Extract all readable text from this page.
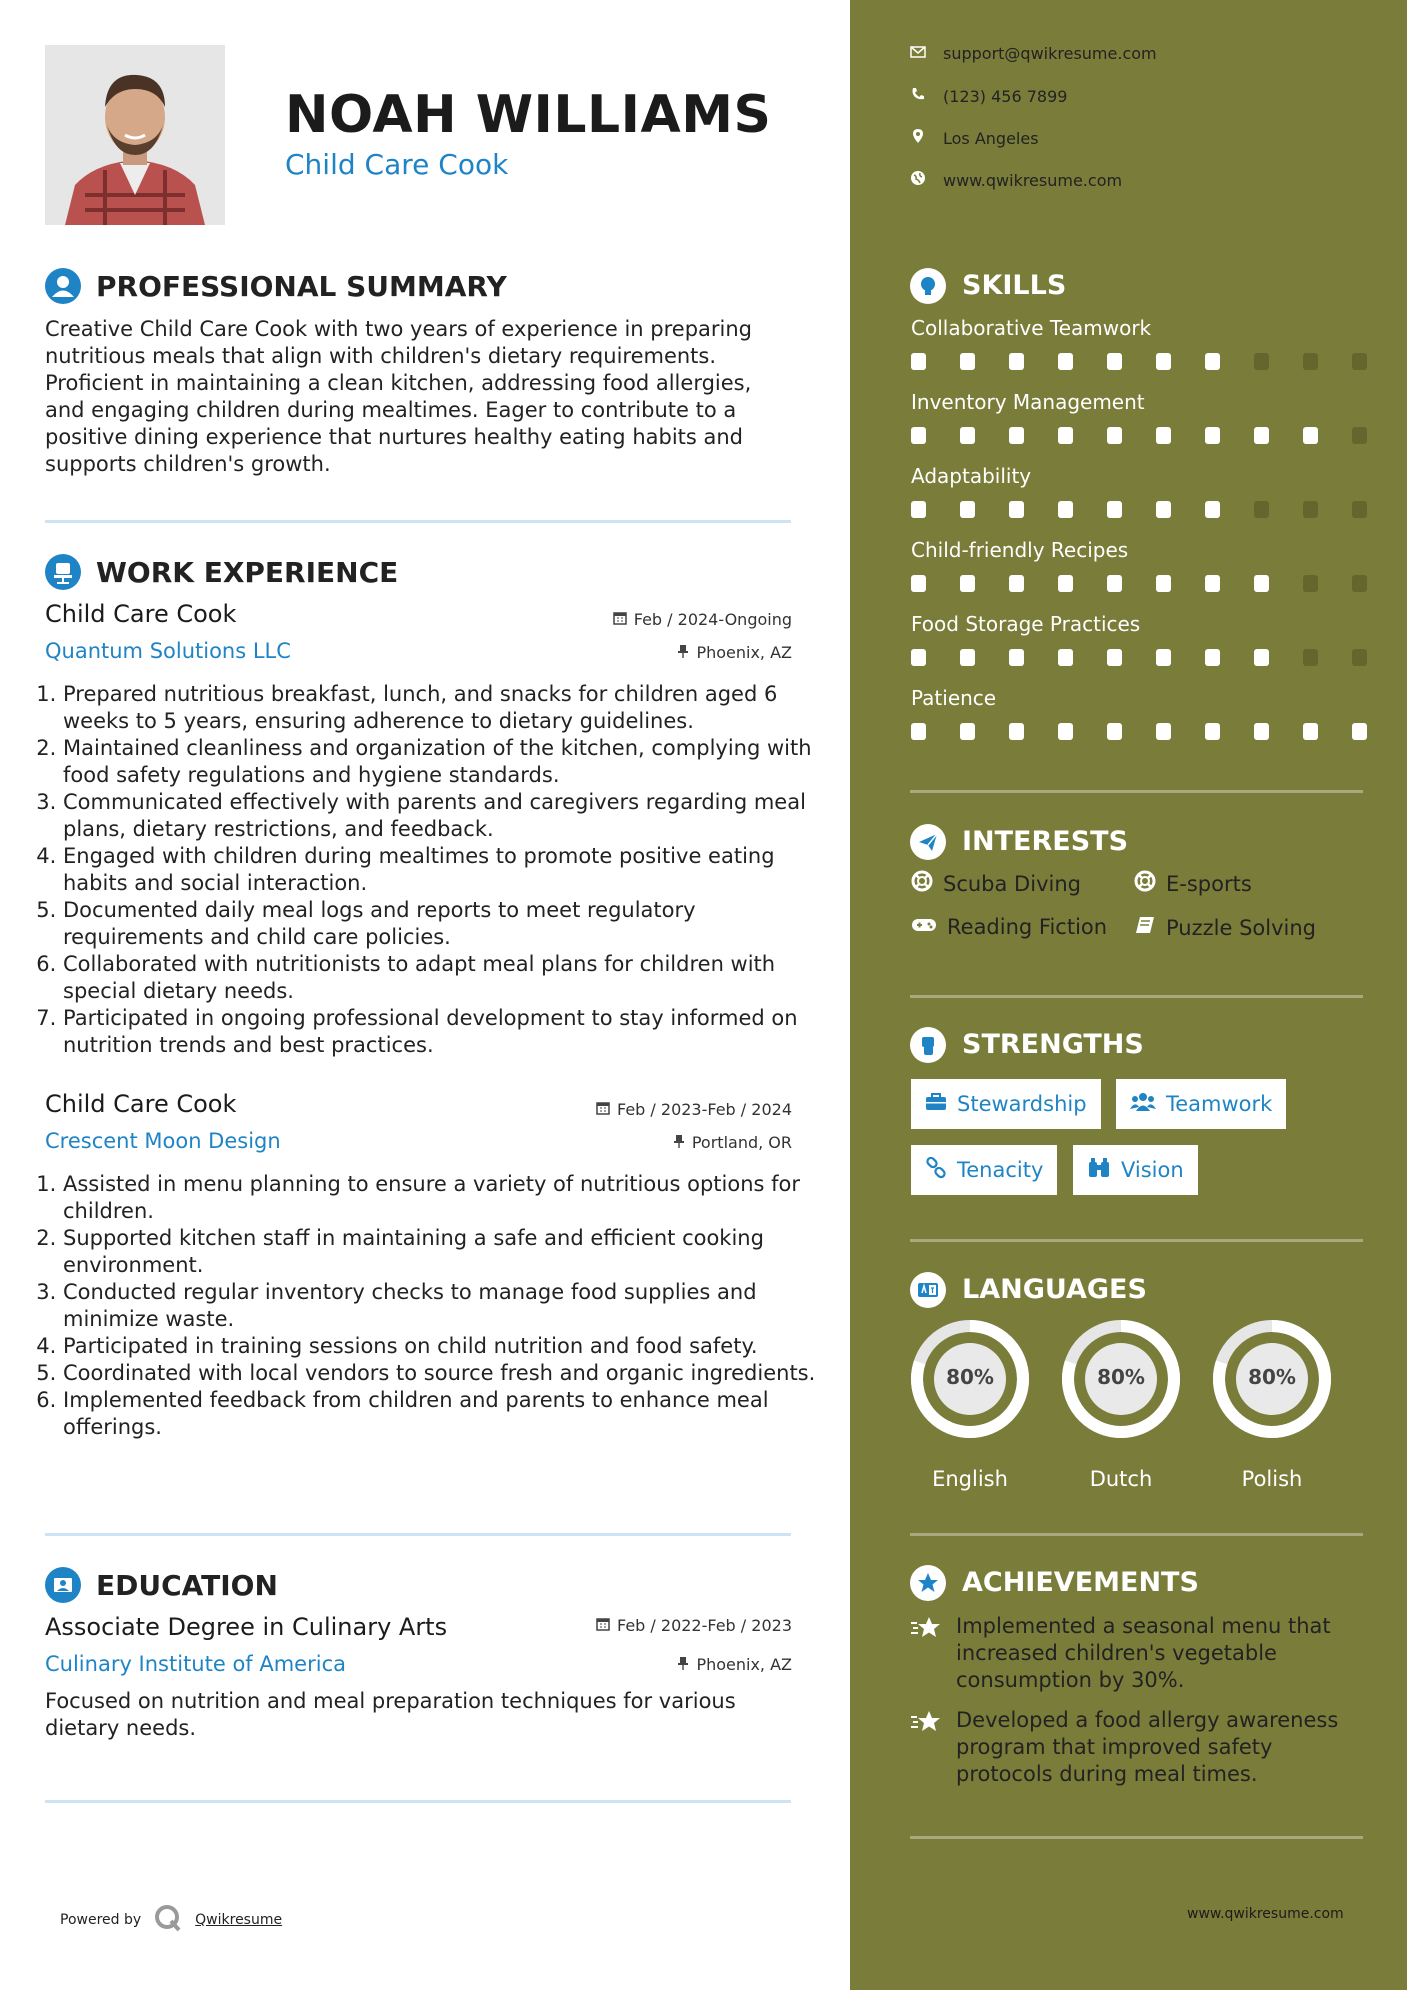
NOAH WILLIAMS
Child Care Cook
PROFESSIONAL SUMMARY
Creative Child Care Cook with two years of experience in preparing nutritious meals that align with children's dietary requirements. Proficient in maintaining a clean kitchen, addressing food allergies, and engaging children during mealtimes. Eager to contribute to a positive dining experience that nurtures healthy eating habits and supports children's growth.
WORK EXPERIENCE
Child Care Cook	Feb / 2024-Ongoing
Quantum Solutions LLC	Phoenix, AZ
1. Prepared nutritious breakfast, lunch, and snacks for children aged 6 weeks to 5 years, ensuring adherence to dietary guidelines.
2. Maintained cleanliness and organization of the kitchen, complying with food safety regulations and hygiene standards.
3. Communicated effectively with parents and caregivers regarding meal plans, dietary restrictions, and feedback.
4. Engaged with children during mealtimes to promote positive eating habits and social interaction.
5. Documented daily meal logs and reports to meet regulatory requirements and child care policies.
6. Collaborated with nutritionists to adapt meal plans for children with special dietary needs.
7. Participated in ongoing professional development to stay informed on nutrition trends and best practices.
Child Care Cook	Feb / 2023-Feb / 2024
Crescent Moon Design	Portland, OR
1. Assisted in menu planning to ensure a variety of nutritious options for children.
2. Supported kitchen staff in maintaining a safe and efficient cooking environment.
3. Conducted regular inventory checks to manage food supplies and minimize waste.
4. Participated in training sessions on child nutrition and food safety.
5. Coordinated with local vendors to source fresh and organic ingredients.
6. Implemented feedback from children and parents to enhance meal offerings.
EDUCATION
Associate Degree in Culinary Arts	Feb / 2022-Feb / 2023
Culinary Institute of America	Phoenix, AZ
Focused on nutrition and meal preparation techniques for various dietary needs.
Powered by	Qwikresume
support@qwikresume.com
(123) 456 7899
Los Angeles
www.qwikresume.com
SKILLS
Collaborative Teamwork
Inventory Management
Adaptability
Child-friendly Recipes
Food Storage Practices
Patience
INTERESTS
Scuba Diving	E-sports
Reading Fiction	Puzzle Solving
STRENGTHS
Stewardship	Teamwork
Tenacity	Vision
LANGUAGES
80%
English
80%
Dutch
80%
Polish
ACHIEVEMENTS
Implemented a seasonal menu that increased children's vegetable consumption by 30%.
Developed a food allergy awareness program that improved safety protocols during meal times.
www.qwikresume.com
